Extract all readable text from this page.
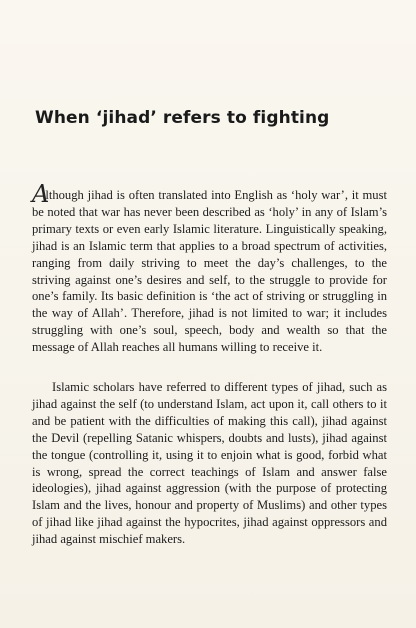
When ‘jihad’ refers to fighting

Although jihad is often translated into English as ‘holy war’, it must be noted that war has never been described as ‘holy’ in any of Islam’s primary texts or even early Islamic literature. Linguistically speaking, jihad is an Islamic term that applies to a broad spectrum of activities, ranging from daily striving to meet the day’s challenges, to the striving against one’s desires and self, to the struggle to provide for one’s family. Its basic definition is ‘the act of striving or struggling in the way of Allah’. Therefore, jihad is not limited to war; it includes struggling with one’s soul, speech, body and wealth so that the message of Allah reaches all humans willing to receive it.

Islamic scholars have referred to different types of jihad, such as jihad against the self (to understand Islam, act upon it, call others to it and be patient with the difficulties of making this call), jihad against the Devil (repelling Satanic whispers, doubts and lusts), jihad against the tongue (controlling it, using it to enjoin what is good, forbid what is wrong, spread the correct teachings of Islam and answer false ideologies), jihad against aggression (with the purpose of protecting Islam and the lives, honour and property of Muslims) and other types of jihad like jihad against the hypocrites, jihad against oppressors and jihad against mischief makers.
